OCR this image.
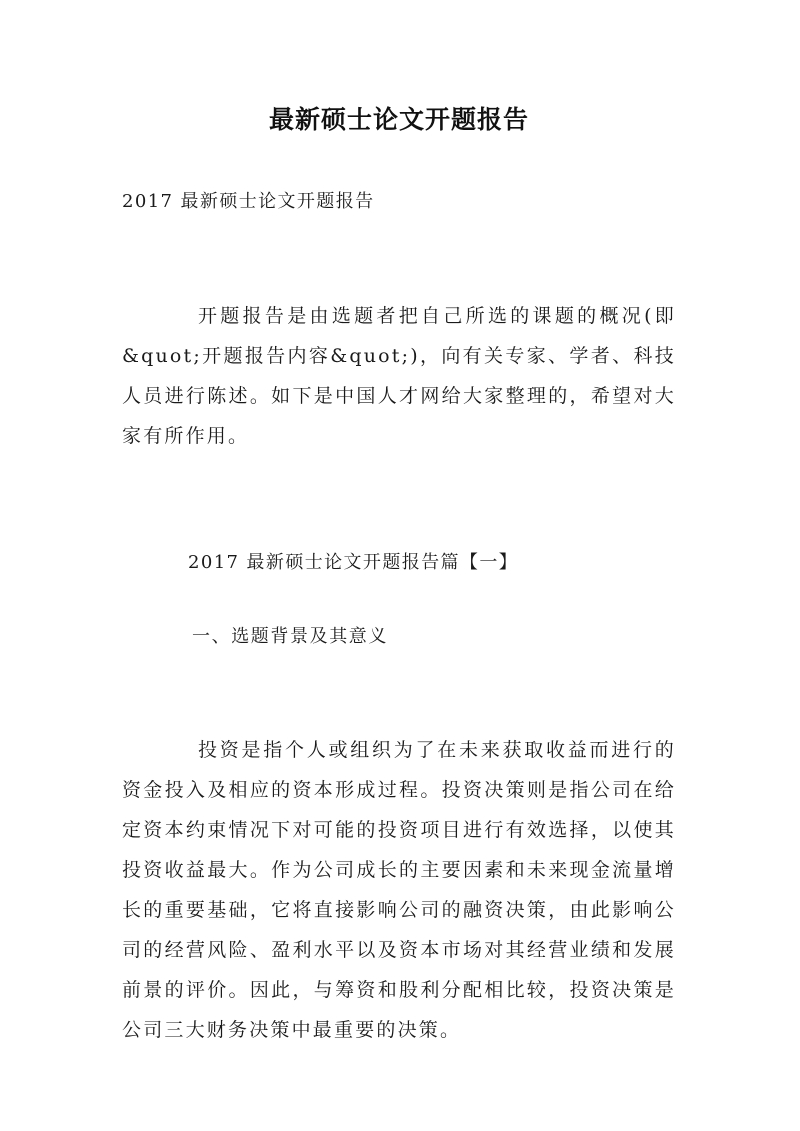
最新硕士论文开题报告
2017 最新硕士论文开题报告

开题报告是由选题者把自己所选的课题的概况(即&quot;开题报告内容&quot;)，向有关专家、学者、科技人员进行陈述。如下是中国人才网给大家整理的，希望对大家有所作用。

2017 最新硕士论文开题报告篇【一】
一、选题背景及其意义

投资是指个人或组织为了在未来获取收益而进行的资金投入及相应的资本形成过程。投资决策则是指公司在给定资本约束情况下对可能的投资项目进行有效选择，以使其投资收益最大。作为公司成长的主要因素和未来现金流量增长的重要基础，它将直接影响公司的融资决策，由此影响公司的经营风险、盈利水平以及资本市场对其经营业绩和发展前景的评价。因此，与筹资和股利分配相比较，投资决策是公司三大财务决策中最重要的决策。
